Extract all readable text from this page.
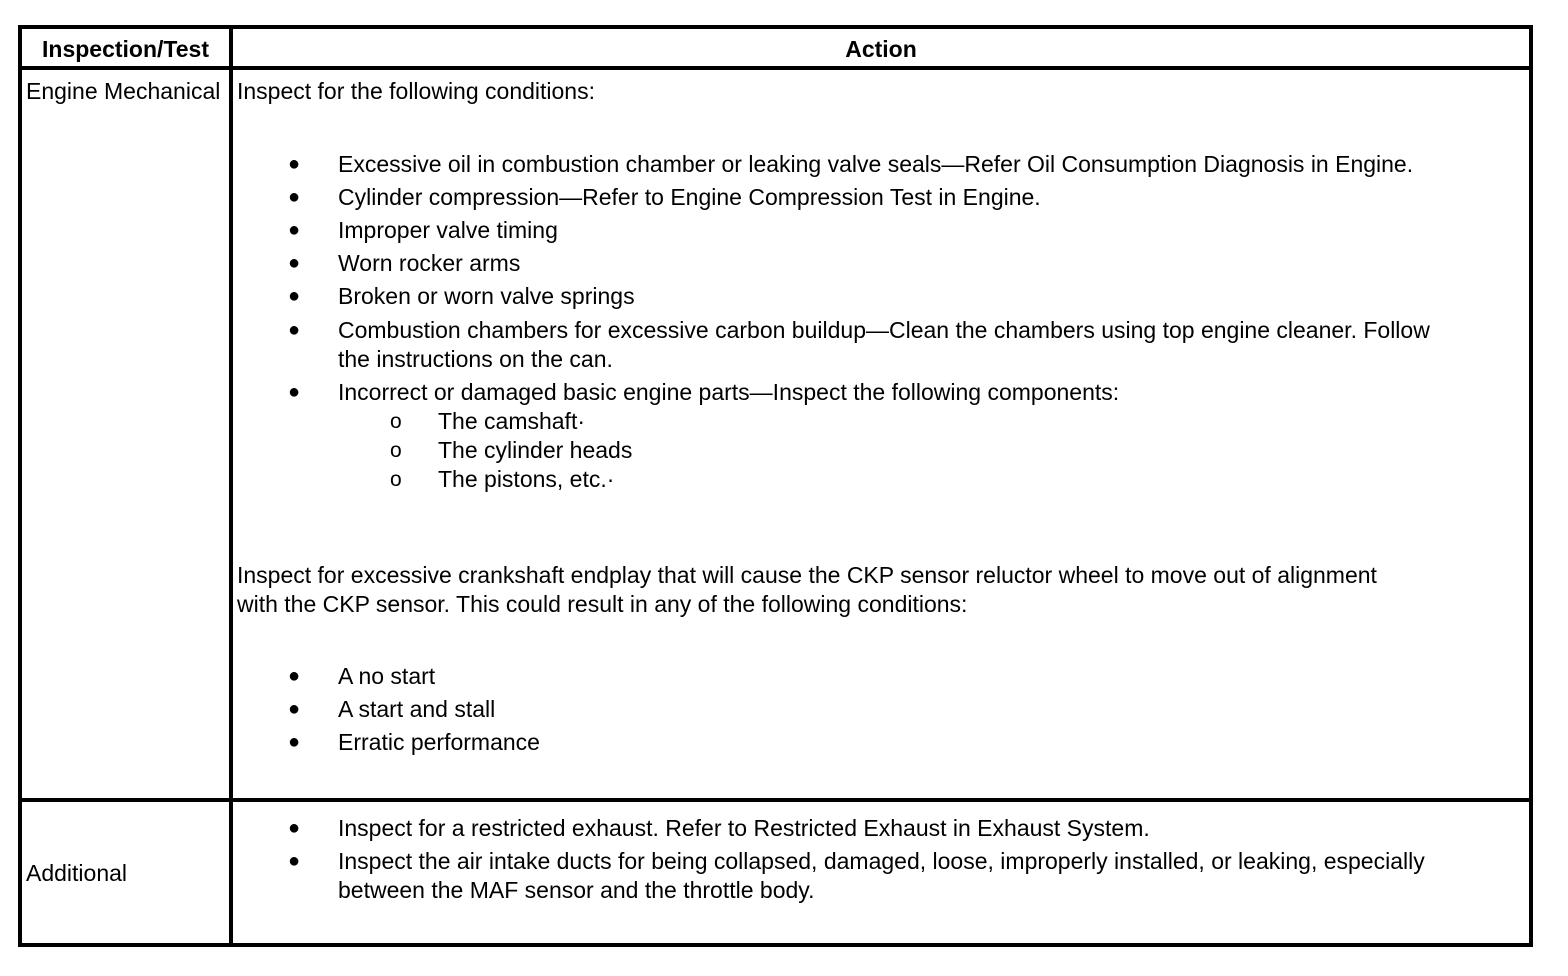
Inspection/Test	Action
Engine Mechanical Inspect for the following conditions:
● Excessive oil in combustion chamber or leaking valve seals—Refer Oil Consumption Diagnosis in Engine.
● Cylinder compression—Refer to Engine Compression Test in Engine.
● Improper valve timing
● Worn rocker arms
● Broken or worn valve springs
● Combustion chambers for excessive carbon buildup—Clean the chambers using top engine cleaner. Follow
the instructions on the can.
● Incorrect or damaged basic engine parts—Inspect the following components:
o The camshaft·
o The cylinder heads
o The pistons, etc.·
Inspect for excessive crankshaft endplay that will cause the CKP sensor reluctor wheel to move out of alignment
with the CKP sensor. This could result in any of the following conditions:
● A no start
● A start and stall
● Erratic performance
Additional
● Inspect for a restricted exhaust. Refer to Restricted Exhaust in Exhaust System.
● Inspect the air intake ducts for being collapsed, damaged, loose, improperly installed, or leaking, especially
between the MAF sensor and the throttle body.
